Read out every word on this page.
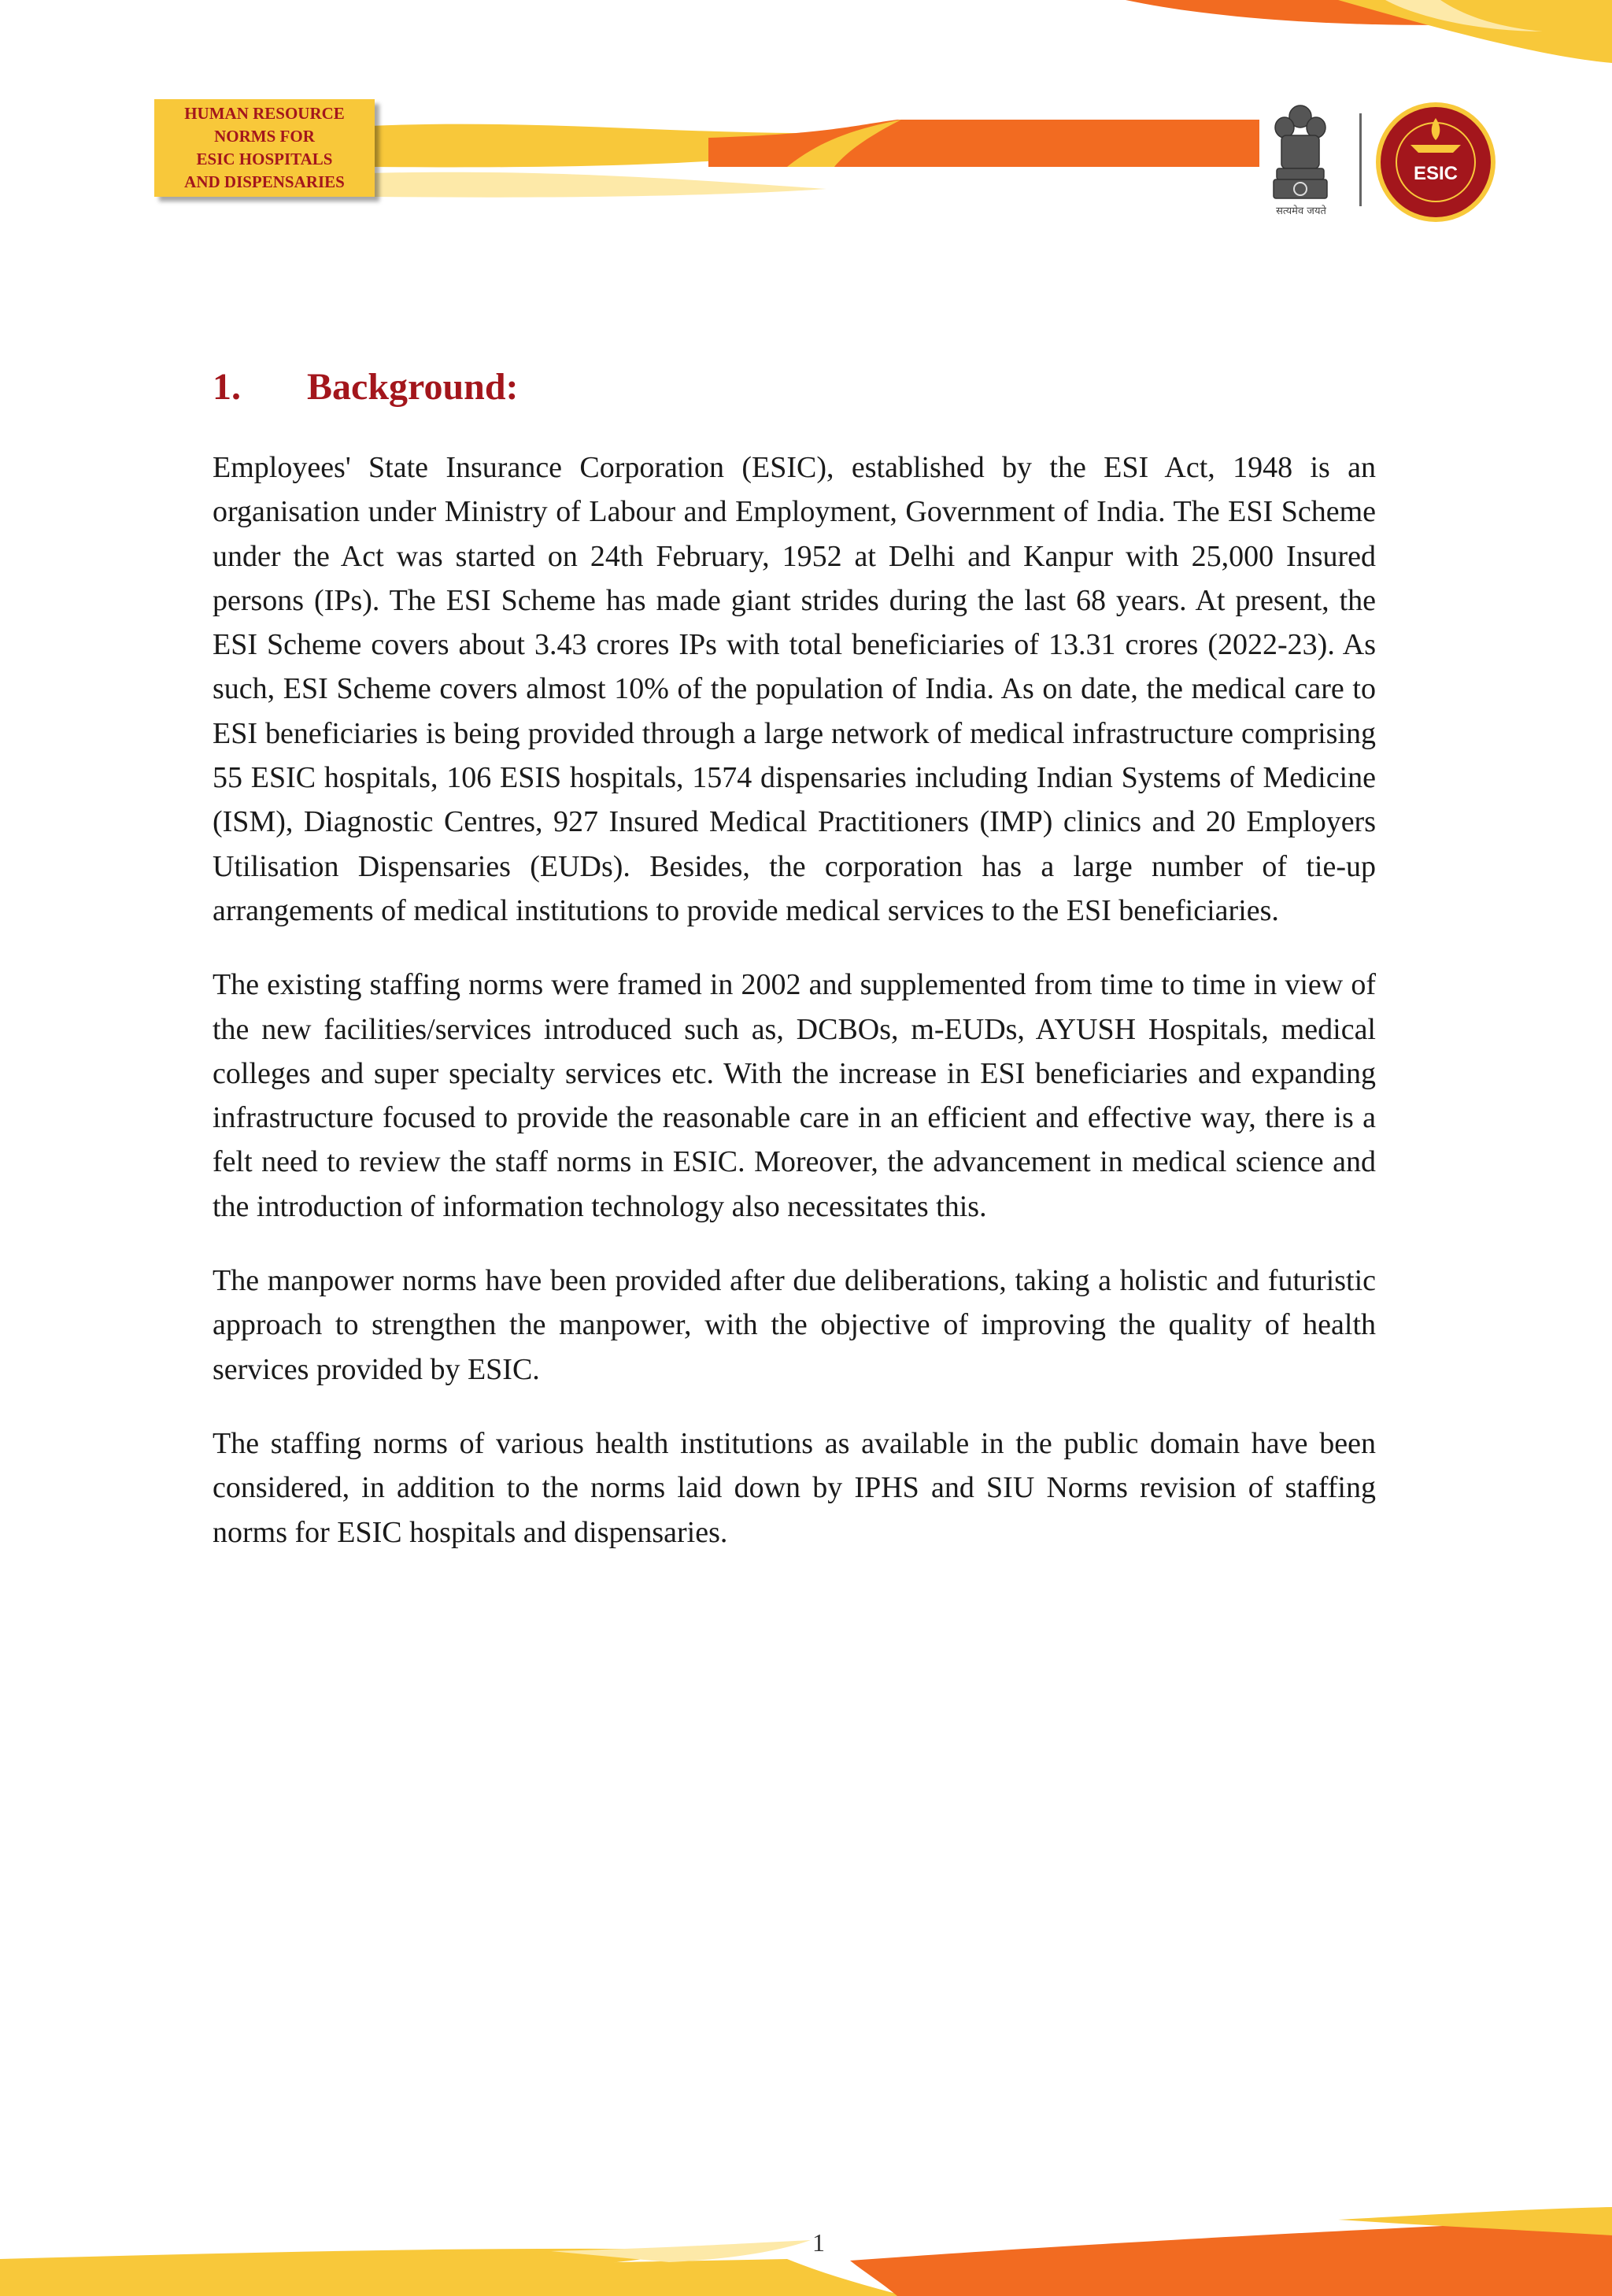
HUMAN RESOURCE
NORMS FOR
ESIC HOSPITALS
AND DISPENSARIES
सत्यमेव जयते
ESIC
1. Background:

Employees' State Insurance Corporation (ESIC), established by the ESI Act, 1948 is an organisation under Ministry of Labour and Employment, Government of India. The ESI Scheme under the Act was started on 24th February, 1952 at Delhi and Kanpur with 25,000 Insured persons (IPs). The ESI Scheme has made giant strides during the last 68 years. At present, the ESI Scheme covers about 3.43 crores IPs with total beneficiaries of 13.31 crores (2022-23). As such, ESI Scheme covers almost 10% of the population of India. As on date, the medical care to ESI beneficiaries is being provided through a large network of medical infrastructure comprising 55 ESIC hospitals, 106 ESIS hospitals, 1574 dispensaries including Indian Systems of Medicine (ISM), Diagnostic Centres, 927 Insured Medical Practitioners (IMP) clinics and 20 Employers Utilisation Dispensaries (EUDs). Besides, the corporation has a large number of tie-up arrangements of medical institutions to provide medical services to the ESI beneficiaries.

The existing staffing norms were framed in 2002 and supplemented from time to time in view of the new facilities/services introduced such as, DCBOs, m-EUDs, AYUSH Hospitals, medical colleges and super specialty services etc. With the increase in ESI beneficiaries and expanding infrastructure focused to provide the reasonable care in an efficient and effective way, there is a felt need to review the staff norms in ESIC. Moreover, the advancement in medical science and the introduction of information technology also necessitates this.

The manpower norms have been provided after due deliberations, taking a holistic and futuristic approach to strengthen the manpower, with the objective of improving the quality of health services provided by ESIC.

The staffing norms of various health institutions as available in the public domain have been considered, in addition to the norms laid down by IPHS and SIU Norms revision of staffing norms for ESIC hospitals and dispensaries.

1
